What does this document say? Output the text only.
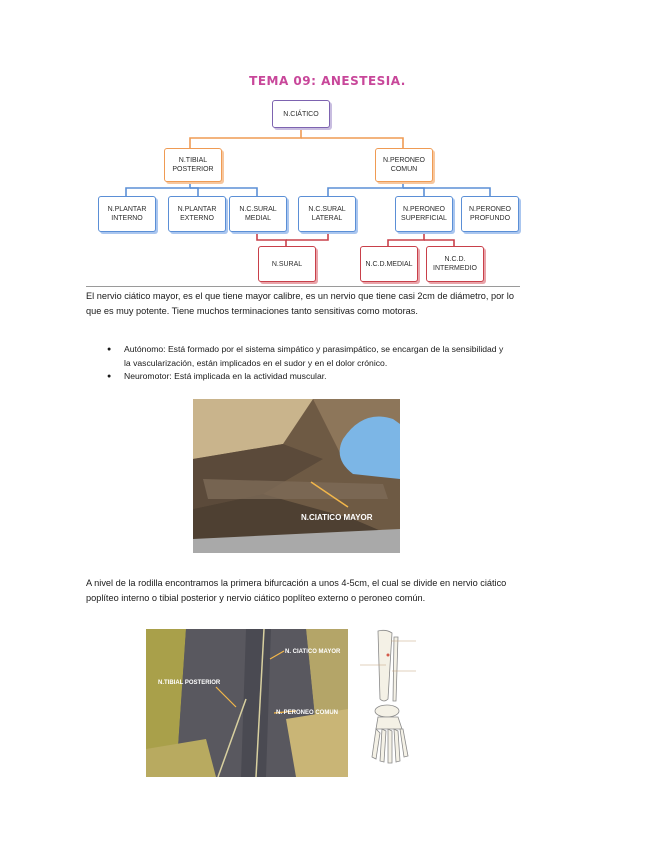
TEMA 09: ANESTESIA.
N.CIÁTICO
N.TIBIAL POSTERIOR
N.PERONEO COMUN
N.PLANTAR INTERNO
N.PLANTAR EXTERNO
N.C.SURAL MEDIAL
N.C.SURAL LATERAL
N.PERONEO SUPERFICIAL
N.PERONEO PROFUNDO
N.SURAL	N.C.D.MEDIAL
N.C.D. INTERMEDIO
El nervio ciático mayor, es el que tiene mayor calibre, es un nervio que tiene casi 2cm de diámetro, por lo que es muy potente. Tiene muchos terminaciones tanto sensitivas como motoras.
● Autónomo: Está formado por el sistema simpático y parasimpático, se encargan de la sensibilidad y la vascularización, están implicados en el sudor y en el dolor crónico.
● Neuromotor: Está implicada en la actividad muscular.
N.CIATICO MAYOR
A nivel de la rodilla encontramos la primera bifurcación a unos 4-5cm, el cual se divide en nervio ciático poplíteo interno o tibial posterior y nervio ciático poplíteo externo o peroneo común.
N. CIATICO MAYOR
N.TIBIAL POSTERIOR
N. PERONEO COMUN
